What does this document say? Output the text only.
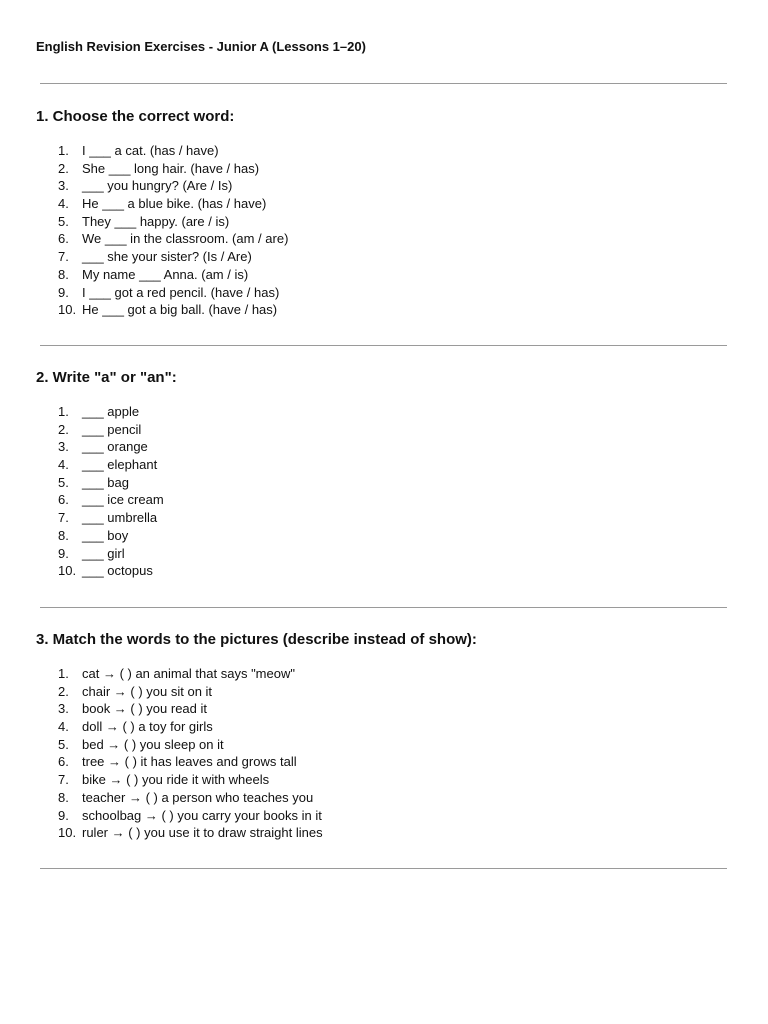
English Revision Exercises - Junior A (Lessons 1–20)
1. Choose the correct word:
1.	I ___ a cat. (has / have)
2.	She ___ long hair. (have / has)
3.	___ you hungry? (Are / Is)
4.	He ___ a blue bike. (has / have)
5.	They ___ happy. (are / is)
6.	We ___ in the classroom. (am / are)
7.	___ she your sister? (Is / Are)
8.	My name ___ Anna. (am / is)
9.	I ___ got a red pencil. (have / has)
10. He ___ got a big ball. (have / has)
2. Write "a" or "an":
1.	___ apple
2.	___ pencil
3.	___ orange
4.	___ elephant
5.	___ bag
6.	___ ice cream
7.	___ umbrella
8.	___ boy
9.	___ girl
10. ___ octopus
3. Match the words to the pictures (describe instead of show):
1.	cat → ( ) an animal that says "meow"
2.	chair → ( ) you sit on it
3.	book → ( ) you read it
4.	doll → ( ) a toy for girls
5.	bed → ( ) you sleep on it
6.	tree → ( ) it has leaves and grows tall
7.	bike → ( ) you ride it with wheels
8.	teacher → ( ) a person who teaches you
9.	schoolbag → ( ) you carry your books in it
10. ruler → ( ) you use it to draw straight lines
